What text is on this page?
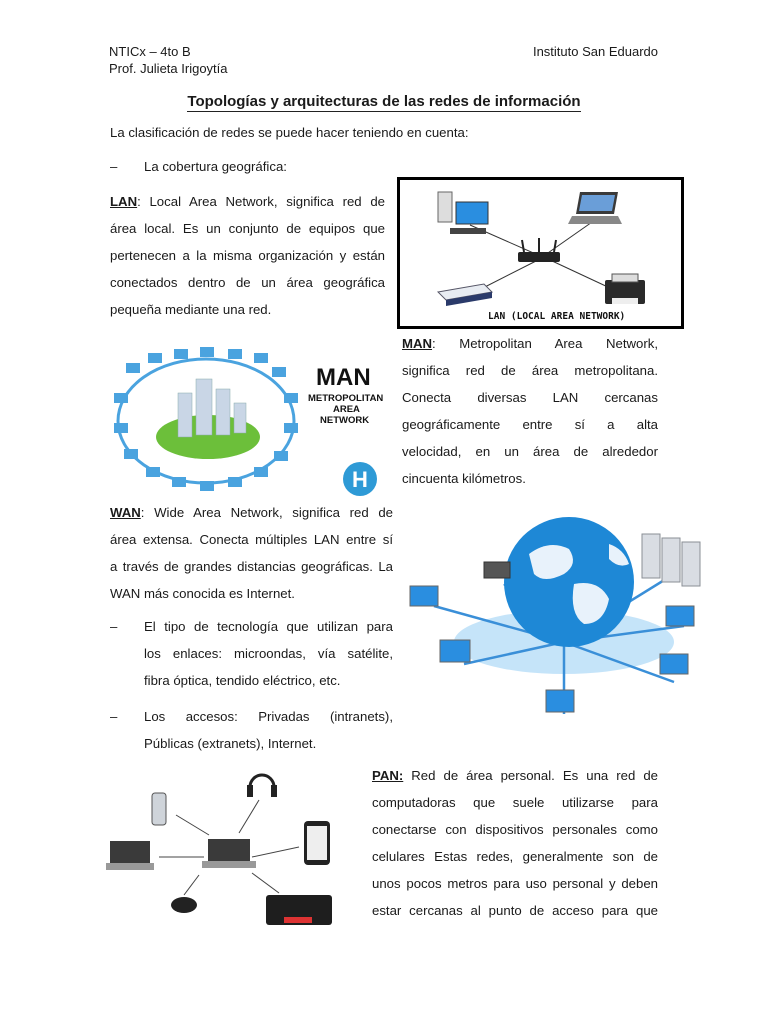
NTICx – 4to B
Prof. Julieta Irigoytía
Instituto San Eduardo
Topologías y arquitecturas de las redes de información
La clasificación de redes se puede hacer teniendo en cuenta:
– La cobertura geográfica:
LAN: Local Area Network, significa red de
área local. Es un conjunto de equipos que
pertenecen a la misma organización y están
conectados dentro de un área geográfica
pequeña mediante una red.	LAN (LOCAL AREA NETWORK)
MAN
METROPOLITAN
AREA
NETWORK
H
MAN: Metropolitan Area Network,
significa red de área metropolitana.
Conecta diversas LAN cercanas
geográficamente entre sí a alta
velocidad, en un área de alrededor
cincuenta kilómetros.
WAN: Wide Area Network, significa red de
área extensa. Conecta múltiples LAN entre sí
a través de grandes distancias geográficas. La
WAN más conocida es Internet.
– El tipo de tecnología que utilizan para
los enlaces: microondas, vía satélite,
fibra óptica, tendido eléctrico, etc.
– Los accesos: Privadas (intranets),
Públicas (extranets), Internet.
PAN: Red de área personal. Es una red de
computadoras que suele utilizarse para
conectarse con dispositivos personales como
celulares Estas redes, generalmente son de
unos pocos metros para uso personal y deben
estar cercanas al punto de acceso para que
